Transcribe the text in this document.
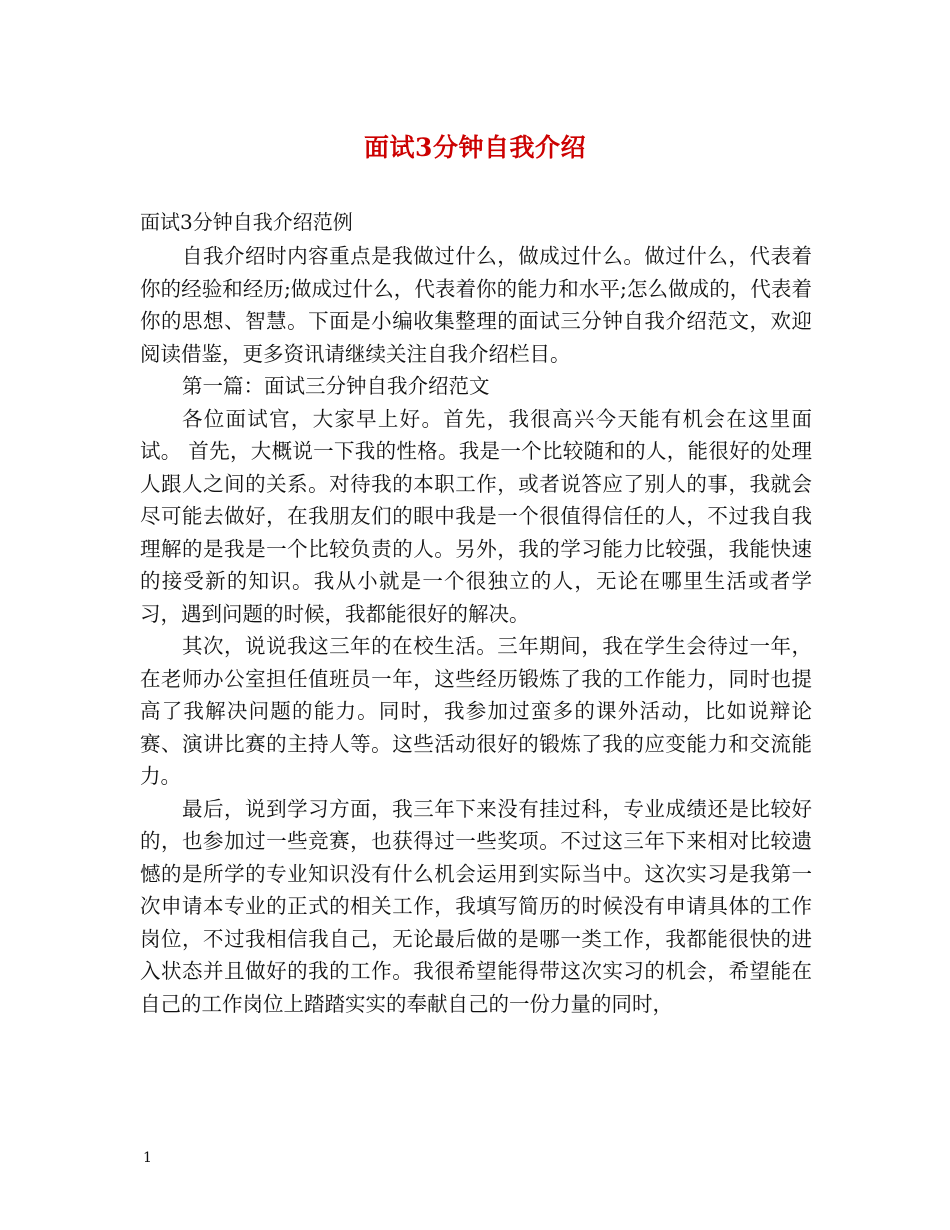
面试3分钟自我介绍
面试3分钟自我介绍范例

自我介绍时内容重点是我做过什么，做成过什么。做过什么，代表着你的经验和经历;做成过什么，代表着你的能力和水平;怎么做成的，代表着你的思想、智慧。下面是小编收集整理的面试三分钟自我介绍范文，欢迎阅读借鉴，更多资讯请继续关注自我介绍栏目。

第一篇：面试三分钟自我介绍范文

各位面试官，大家早上好。首先，我很高兴今天能有机会在这里面试。 首先，大概说一下我的性格。我是一个比较随和的人，能很好的处理人跟人之间的关系。对待我的本职工作，或者说答应了别人的事，我就会尽可能去做好，在我朋友们的眼中我是一个很值得信任的人，不过我自我理解的是我是一个比较负责的人。另外，我的学习能力比较强，我能快速的接受新的知识。我从小就是一个很独立的人，无论在哪里生活或者学习，遇到问题的时候，我都能很好的解决。

其次，说说我这三年的在校生活。三年期间，我在学生会待过一年，在老师办公室担任值班员一年，这些经历锻炼了我的工作能力，同时也提高了我解决问题的能力。同时，我参加过蛮多的课外活动，比如说辩论赛、演讲比赛的主持人等。这些活动很好的锻炼了我的应变能力和交流能力。

最后，说到学习方面，我三年下来没有挂过科，专业成绩还是比较好的，也参加过一些竞赛，也获得过一些奖项。不过这三年下来相对比较遗憾的是所学的专业知识没有什么机会运用到实际当中。这次实习是我第一次申请本专业的正式的相关工作，我填写简历的时候没有申请具体的工作岗位，不过我相信我自己，无论最后做的是哪一类工作，我都能很快的进入状态并且做好的我的工作。我很希望能得带这次实习的机会，希望能在自己的工作岗位上踏踏实实的奉献自己的一份力量的同时，

1
